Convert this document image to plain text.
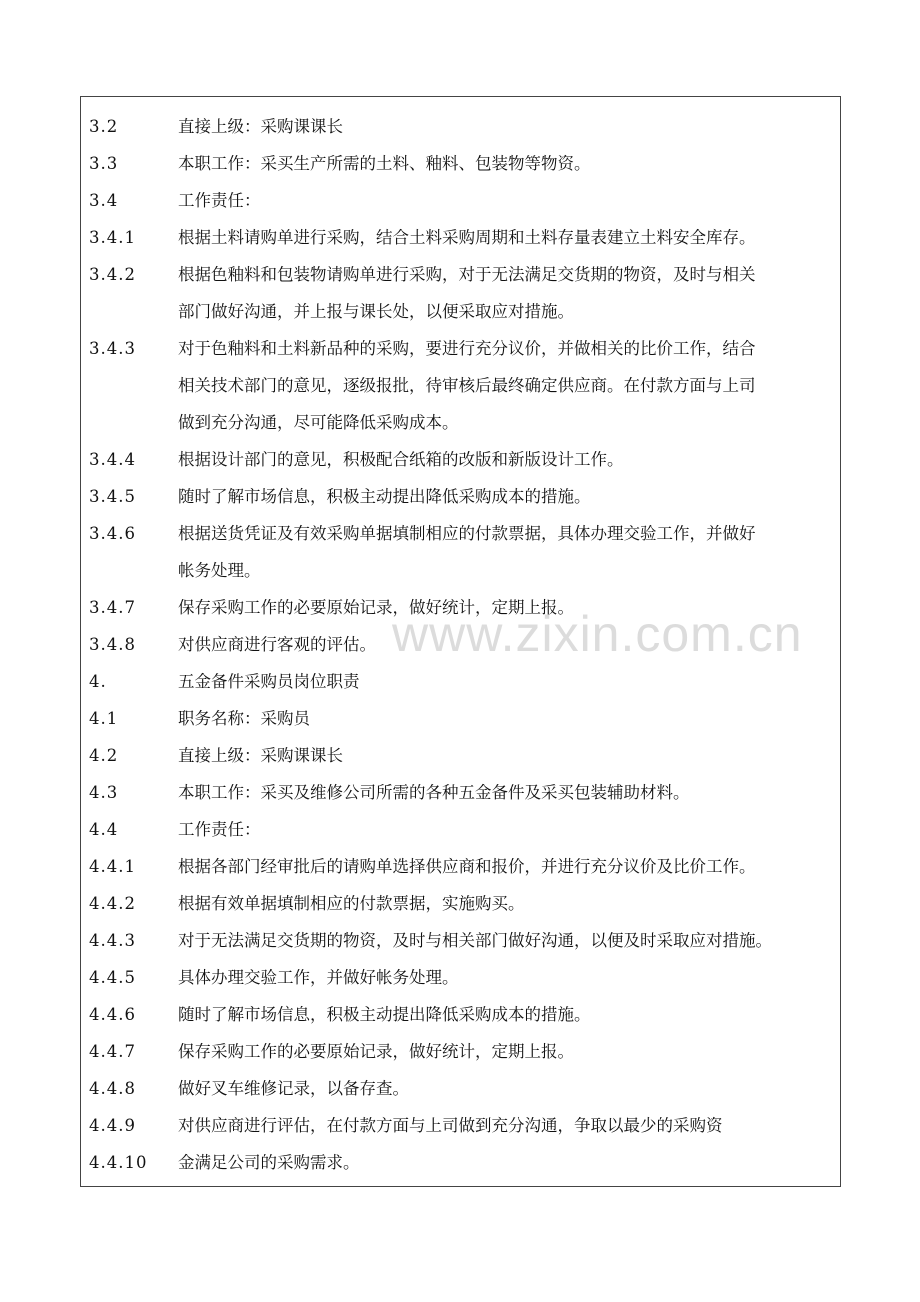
3.2	直接上级：采购课课长
3.3	本职工作：采买生产所需的土料、釉料、包装物等物资。
3.4	工作责任：
3.4.1	根据土料请购单进行采购，结合土料采购周期和土料存量表建立土料安全库存。
3.4.2	根据色釉料和包装物请购单进行采购，对于无法满足交货期的物资，及时与相关
部门做好沟通，并上报与课长处，以便采取应对措施。
3.4.3	对于色釉料和土料新品种的采购，要进行充分议价，并做相关的比价工作，结合
相关技术部门的意见，逐级报批，待审核后最终确定供应商。在付款方面与上司
做到充分沟通，尽可能降低采购成本。
3.4.4	根据设计部门的意见，积极配合纸箱的改版和新版设计工作。
3.4.5	随时了解市场信息，积极主动提出降低采购成本的措施。
3.4.6	根据送货凭证及有效采购单据填制相应的付款票据，具体办理交验工作，并做好
帐务处理。
3.4.7	保存采购工作的必要原始记录，做好统计，定期上报。
3.4.8	对供应商进行客观的评估。
4.	五金备件采购员岗位职责
4.1	职务名称：采购员
4.2	直接上级：采购课课长
4.3	本职工作：采买及维修公司所需的各种五金备件及采买包装辅助材料。
4.4	工作责任：
4.4.1	根据各部门经审批后的请购单选择供应商和报价，并进行充分议价及比价工作。
4.4.2	根据有效单据填制相应的付款票据，实施购买。
4.4.3	对于无法满足交货期的物资，及时与相关部门做好沟通，以便及时采取应对措施。
4.4.5	具体办理交验工作，并做好帐务处理。
4.4.6	随时了解市场信息，积极主动提出降低采购成本的措施。
4.4.7	保存采购工作的必要原始记录，做好统计，定期上报。
4.4.8	做好叉车维修记录，以备存查。
4.4.9	对供应商进行评估，在付款方面与上司做到充分沟通，争取以最少的采购资
4.4.10	金满足公司的采购需求。
www.zixin.com.cn
